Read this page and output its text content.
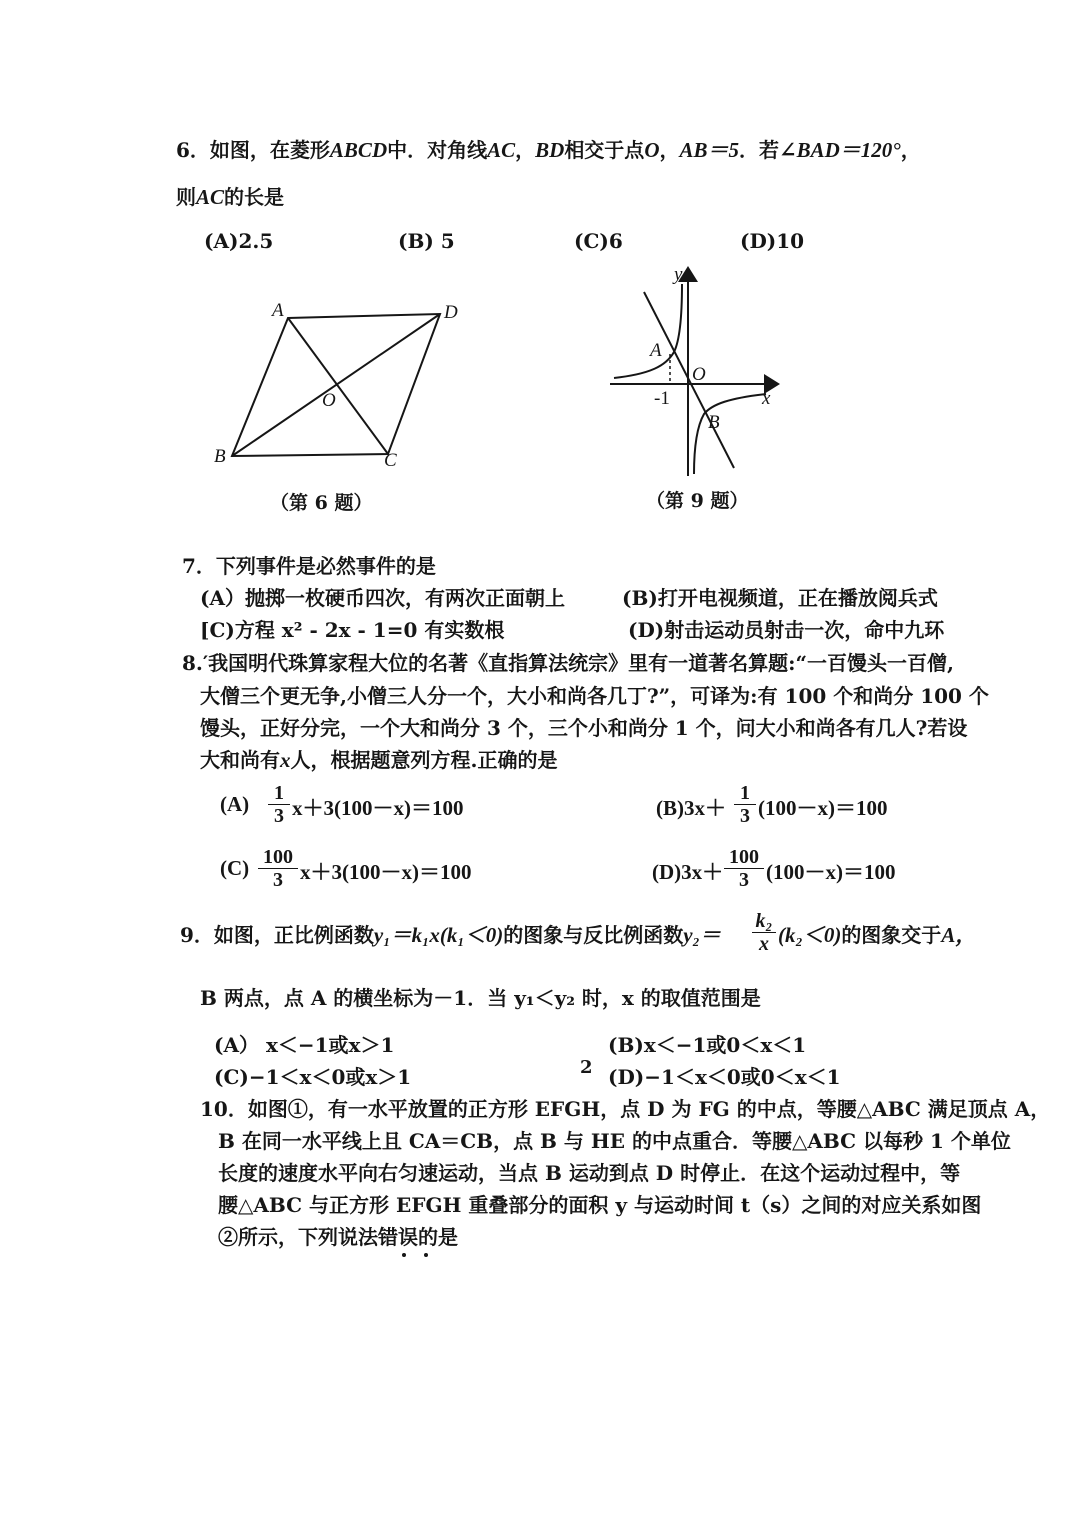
6．如图，在菱形ABCD中．对角线AC，BD相交于点O，AB＝5．若∠BAD＝120°，
则AC的长是
(A)2.5	(B) 5	(C)6	(D)10
A	D
B	C
O
（第 6 题）
y
x
A
O
B
-1
（第 9 题）
7．下列事件是必然事件的是
(A）抛掷一枚硬币四次，有两次正面朝上	(B)打开电视频道，正在播放阅兵式
[C)方程 x² - 2x - 1=0 有实数根	(D)射击运动员射击一次，命中九环
8.′我国明代珠算家程大位的名著《直指算法统宗》里有一道著名算题:“一百馒头一百僧,
大僧三个更无争,小僧三人分一个，大小和尚各几丁?”，可译为:有 100 个和尚分 100 个
馒头，正好分完，一个大和尚分 3 个，三个小和尚分 1 个，问大小和尚各有几人?若设
大和尚有x人，根据题意列方程.正确的是
$(A) \frac{1}{3} x+3(100-x)=100$	$(B)3x+ \frac{1}{3} (100-x)=100$
$(C) \frac{100}{3} x+3(100-x)=100$	$(D)3x+ \frac{100}{3} (100-x)=100$
9．如图，正比例函数y₁＝k₁x(k₁＜0)的图象与反比例函数$y_2= \frac{\text{k₂}}{x} (k_2<0)$的图象交于A，
B 两点，点 A 的横坐标为－1．当 y₁＜y₂ 时，x 的取值范围是
(A） x＜−1或x＞1	(B)x＜−1或0＜x＜1
(C)−1＜x＜0或x＞1	(D)−1＜x＜0或0＜x＜1
10．如图①，有一水平放置的正方形 EFGH，点 D 为 FG 的中点，等腰△ABC 满足顶点 A，
B 在同一水平线上且 CA＝CB，点 B 与 HE 的中点重合．等腰△ABC 以每秒 1 个单位
长度的速度水平向右匀速运动，当点 B 运动到点 D 时停止．在这个运动过程中，等
腰△ABC 与正方形 EFGH 重叠部分的面积 y 与运动时间 t（s）之间的对应关系如图
②所示，下列说法错误的是
2
